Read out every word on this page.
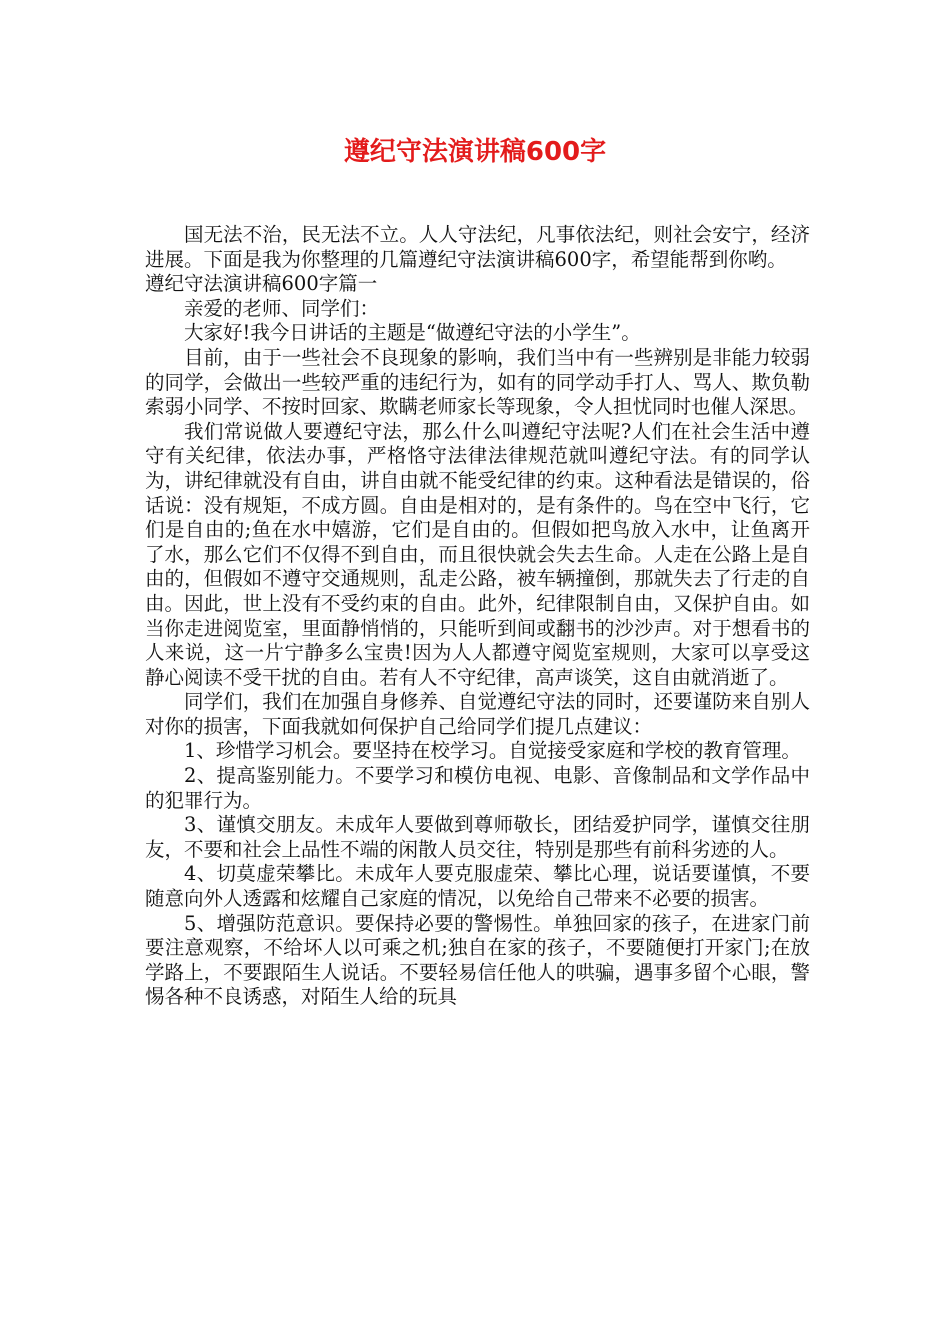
遵纪守法演讲稿600字

国无法不治，民无法不立。人人守法纪，凡事依法纪，则社会安宁，经济进展。下面是我为你整理的几篇遵纪守法演讲稿600字，希望能帮到你哟。

遵纪守法演讲稿600字篇一

亲爱的老师、同学们：

大家好!我今日讲话的主题是“做遵纪守法的小学生”。

目前，由于一些社会不良现象的影响，我们当中有一些辨别是非能力较弱的同学，会做出一些较严重的违纪行为，如有的同学动手打人、骂人、欺负勒索弱小同学、不按时回家、欺瞒老师家长等现象，令人担忧同时也催人深思。

我们常说做人要遵纪守法，那么什么叫遵纪守法呢?人们在社会生活中遵守有关纪律，依法办事，严格恪守法律法律规范就叫遵纪守法。有的同学认为，讲纪律就没有自由，讲自由就不能受纪律的约束。这种看法是错误的，俗话说：没有规矩，不成方圆。自由是相对的，是有条件的。鸟在空中飞行，它们是自由的;鱼在水中嬉游，它们是自由的。但假如把鸟放入水中，让鱼离开了水，那么它们不仅得不到自由，而且很快就会失去生命。人走在公路上是自由的，但假如不遵守交通规则，乱走公路，被车辆撞倒，那就失去了行走的自由。因此，世上没有不受约束的自由。此外，纪律限制自由，又保护自由。如当你走进阅览室，里面静悄悄的，只能听到间或翻书的沙沙声。对于想看书的人来说，这一片宁静多么宝贵!因为人人都遵守阅览室规则，大家可以享受这静心阅读不受干扰的自由。若有人不守纪律，高声谈笑，这自由就消逝了。

同学们，我们在加强自身修养、自觉遵纪守法的同时，还要谨防来自别人对你的损害，下面我就如何保护自己给同学们提几点建议：

1、珍惜学习机会。要坚持在校学习。自觉接受家庭和学校的教育管理。

2、提高鉴别能力。不要学习和模仿电视、电影、音像制品和文学作品中的犯罪行为。

3、谨慎交朋友。未成年人要做到尊师敬长，团结爱护同学，谨慎交往朋友，不要和社会上品性不端的闲散人员交往，特别是那些有前科劣迹的人。

4、切莫虚荣攀比。未成年人要克服虚荣、攀比心理，说话要谨慎，不要随意向外人透露和炫耀自己家庭的情况，以免给自己带来不必要的损害。

5、增强防范意识。要保持必要的警惕性。单独回家的孩子，在进家门前要注意观察，不给坏人以可乘之机;独自在家的孩子，不要随便打开家门;在放学路上，不要跟陌生人说话。不要轻易信任他人的哄骗，遇事多留个心眼，警惕各种不良诱惑，对陌生人给的玩具
